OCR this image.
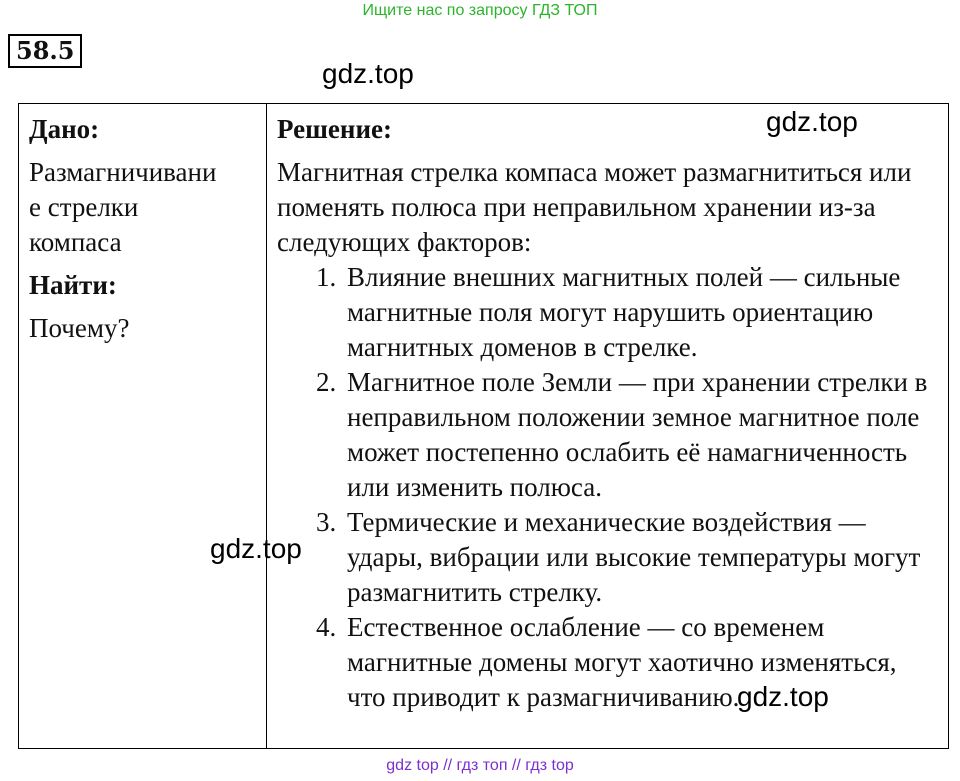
Ищите нас по запросу ГДЗ ТОП
58.5
gdz.top
Дано:
Размагничивани
е стрелки
компаса
Найти:
Почему?

Решение:

Магнитная стрелка компаса может размагнититься или поменять полюса при неправильном хранении из-за следующих факторов:

1. Влияние внешних магнитных полей — сильные магнитные поля могут нарушить ориентацию магнитных доменов в стрелке.
2. Магнитное поле Земли — при хранении стрелки в неправильном положении земное магнитное поле может постепенно ослабить её намагниченность или изменить полюса.
3. Термические и механические воздействия — удары, вибрации или высокие температуры могут размагнитить стрелку.
4. Естественное ослабление — со временем магнитные домены могут хаотично изменяться, что приводит к размагничиванию.
gdz.top
gdz.top
gdz.top
gdz top // гдз топ // гдз top
